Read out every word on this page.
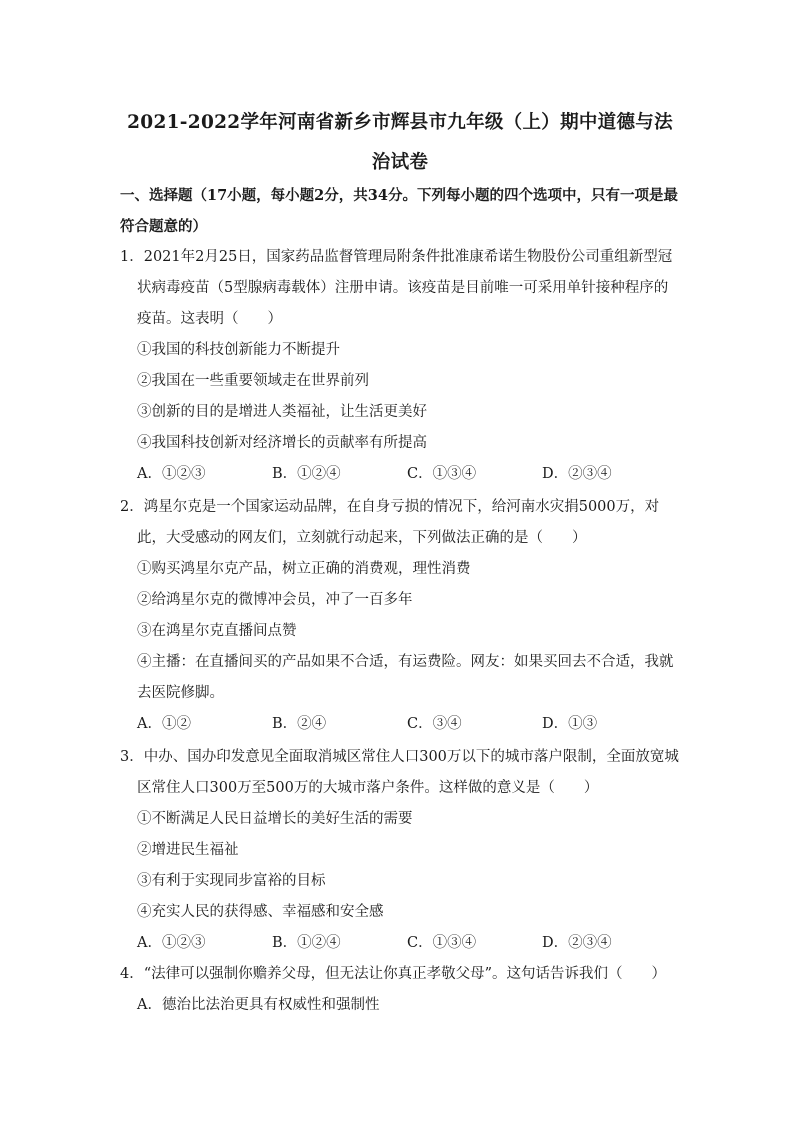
2021-2022学年河南省新乡市辉县市九年级（上）期中道德与法
治试卷
一、选择题（17小题，每小题2分，共34分。下列每小题的四个选项中，只有一项是最符合题意的）
1．2021年2月25日，国家药品监督管理局附条件批准康希诺生物股份公司重组新型冠状病毒疫苗（5型腺病毒载体）注册申请。该疫苗是目前唯一可采用单针接种程序的疫苗。这表明（　　）
①我国的科技创新能力不断提升
②我国在一些重要领域走在世界前列
③创新的目的是增进人类福祉，让生活更美好
④我国科技创新对经济增长的贡献率有所提高
A．①②③	B．①②④	C．①③④	D．②③④
2．鸿星尔克是一个国家运动品牌，在自身亏损的情况下，给河南水灾捐5000万，对此，大受感动的网友们，立刻就行动起来，下列做法正确的是（　　）
①购买鸿星尔克产品，树立正确的消费观，理性消费
②给鸿星尔克的微博冲会员，冲了一百多年
③在鸿星尔克直播间点赞
④主播：在直播间买的产品如果不合适，有运费险。网友：如果买回去不合适，我就去医院修脚。
A．①②	B．②④	C．③④	D．①③
3．中办、国办印发意见全面取消城区常住人口300万以下的城市落户限制，全面放宽城区常住人口300万至500万的大城市落户条件。这样做的意义是（　　）
①不断满足人民日益增长的美好生活的需要
②增进民生福祉
③有利于实现同步富裕的目标
④充实人民的获得感、幸福感和安全感
A．①②③	B．①②④	C．①③④	D．②③④
4．“法律可以强制你赡养父母，但无法让你真正孝敬父母”。这句话告诉我们（　　）
A．德治比法治更具有权威性和强制性
